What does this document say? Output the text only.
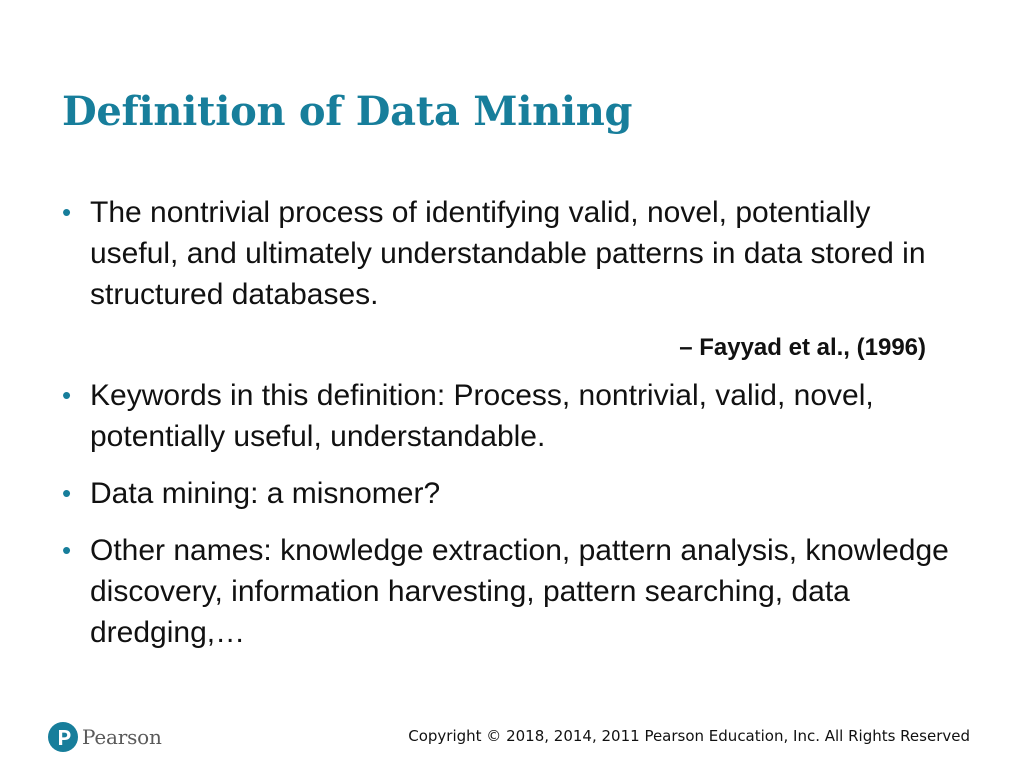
Definition of Data Mining
• The nontrivial process of identifying valid, novel, potentially useful, and ultimately understandable patterns in data stored in structured databases.
– Fayyad et al., (1996)
• Keywords in this definition: Process, nontrivial, valid, novel, potentially useful, understandable.
• Data mining: a misnomer?
• Other names: knowledge extraction, pattern analysis, knowledge discovery, information harvesting, pattern searching, data dredging,…
Pearson	Copyright © 2018, 2014, 2011 Pearson Education, Inc. All Rights Reserved
